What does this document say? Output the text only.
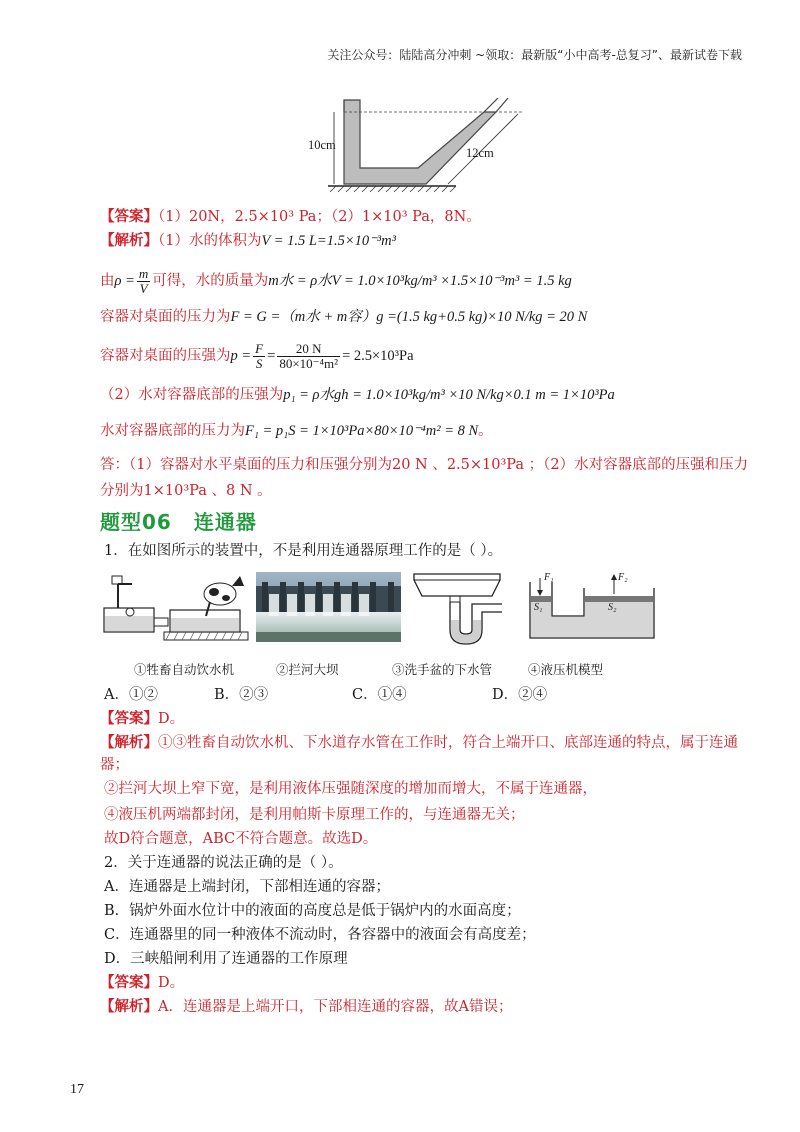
关注公众号：陆陆高分冲刺 ~领取：最新版“小中高考-总复习”、最新试卷下载
10cm
12cm
【答案】（1）20N，2.5×10³ Pa；（2）1×10³ Pa，8N。
【解析】（1）水的体积为V = 1.5 L=1.5×10⁻³m³
由$\rho = \frac{m}{V}$ 可得，水的质量为m水 = ρ水V = 1.0×10³kg/m³ ×1.5×10⁻³m³ = 1.5 kg
容器对桌面的压力为F = G =（m水 + m容）g =(1.5 kg+0.5 kg)×10 N/kg = 20 N
容器对桌面的压强为$p = \frac{F}{S} = \frac{20 N}{\text{80×10⁻⁴m²}} = 2.5\times 10^3Pa$
（2）水对容器底部的压强为p₁ = ρ水gh = 1.0×10³kg/m³ ×10 N/kg×0.1 m = 1×10³Pa
水对容器底部的压力为F₁ = p₁S = 1×10³Pa×80×10⁻⁴m² = 8 N。
答：（1）容器对水平桌面的压力和压强分别为20 N 、2.5×10³Pa ；（2）水对容器底部的压强和压力
分别为1×10³Pa 、8 N 。
题型06 连通器
1．在如图所示的装置中，不是利用连通器原理工作的是（ ）。
F₁	F₂
S₁	S₂
①牲畜自动饮水机	②拦河大坝	③洗手盆的下水管	④液压机模型
A．①②	B．②③	C．①④	D．②④
【答案】D。
【解析】①③牲畜自动饮水机、下水道存水管在工作时，符合上端开口、底部连通的特点，属于连通
器；
②拦河大坝上窄下宽，是利用液体压强随深度的增加而增大，不属于连通器，
④液压机两端都封闭，是利用帕斯卡原理工作的，与连通器无关；
故D符合题意，ABC不符合题意。故选D。
2．关于连通器的说法正确的是（ ）。
A．连通器是上端封闭，下部相连通的容器；
B．锅炉外面水位计中的液面的高度总是低于锅炉内的水面高度；
C．连通器里的同一种液体不流动时，各容器中的液面会有高度差；
D．三峡船闸利用了连通器的工作原理
【答案】D。
【解析】A．连通器是上端开口，下部相连通的容器，故A错误；
17
